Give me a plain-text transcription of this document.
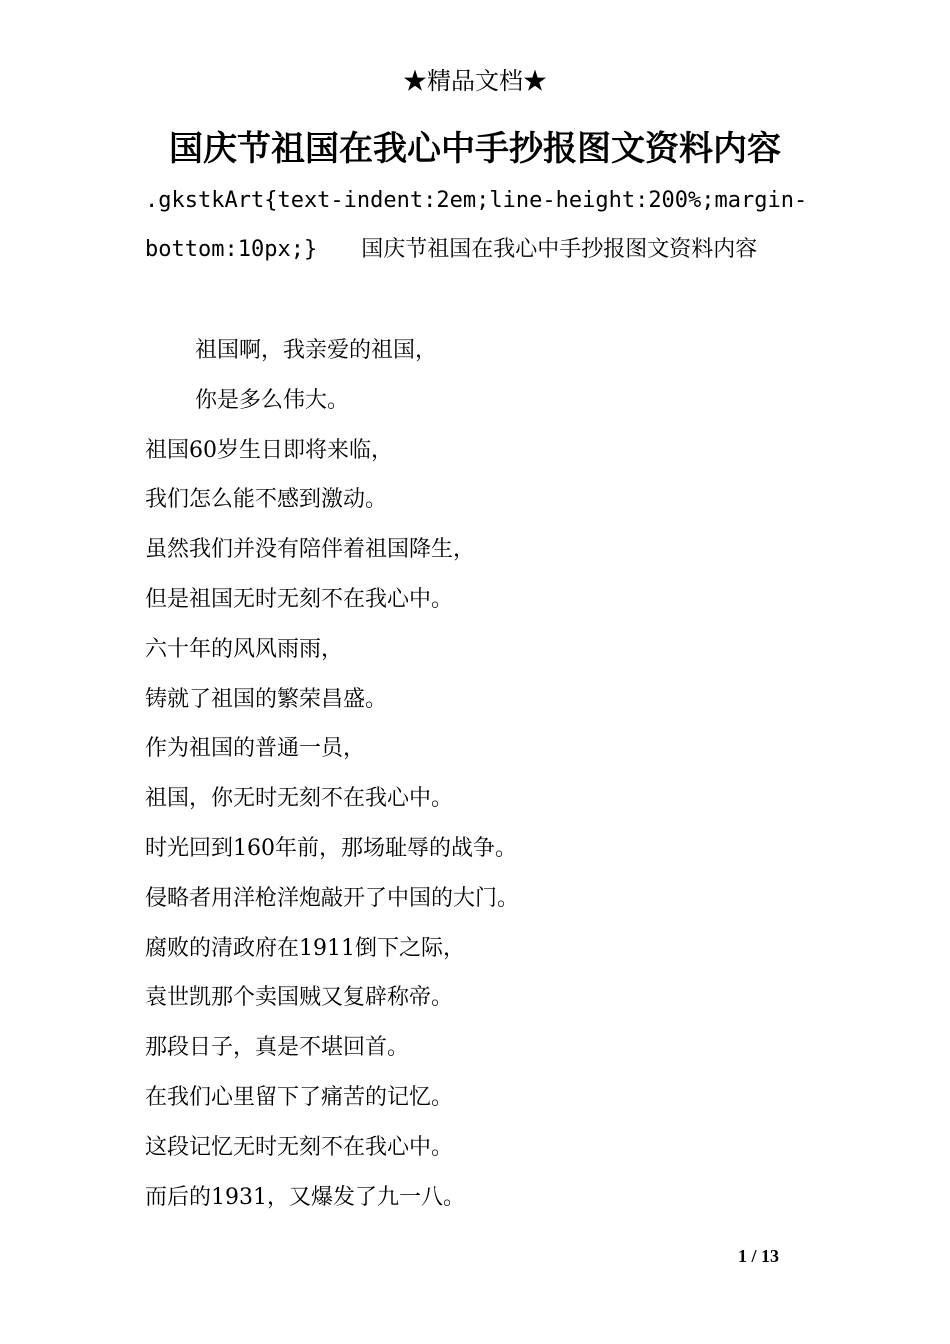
★精品文档★
国庆节祖国在我心中手抄报图文资料内容
.gkstkArt{text-indent:2em;line-height:200%;margin-bottom:10px;}   国庆节祖国在我心中手抄报图文资料内容
祖国啊，我亲爱的祖国，
你是多么伟大。
祖国60岁生日即将来临，
我们怎么能不感到激动。
虽然我们并没有陪伴着祖国降生，
但是祖国无时无刻不在我心中。
六十年的风风雨雨，
铸就了祖国的繁荣昌盛。
作为祖国的普通一员，
祖国，你无时无刻不在我心中。
时光回到160年前，那场耻辱的战争。
侵略者用洋枪洋炮敲开了中国的大门。
腐败的清政府在1911倒下之际，
袁世凯那个卖国贼又复辟称帝。
那段日子，真是不堪回首。
在我们心里留下了痛苦的记忆。
这段记忆无时无刻不在我心中。
而后的1931，又爆发了九一八。
1 / 13
